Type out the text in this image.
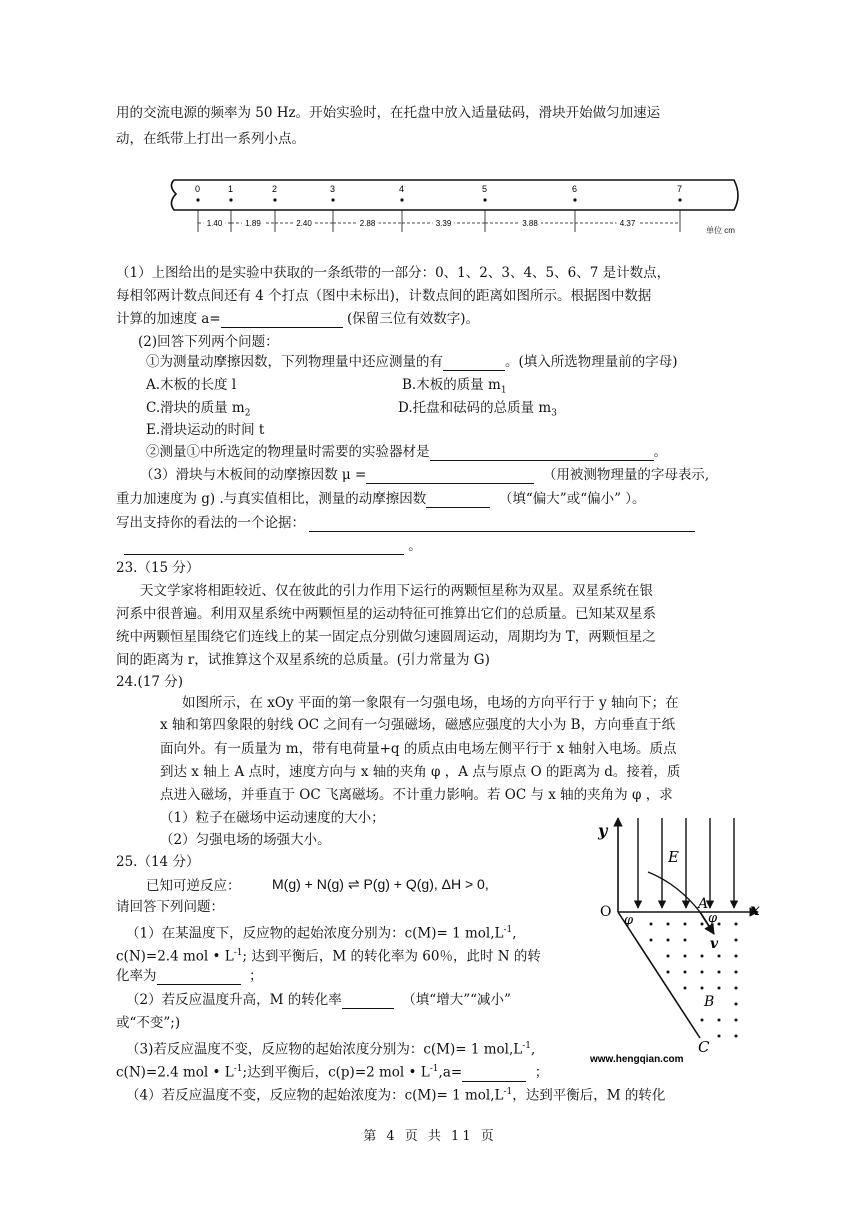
用的交流电源的频率为 50 Hz。开始实验时，在托盘中放入适量砝码，滑块开始做匀加速运
动，在纸带上打出一系列小点。
0	1	2	3	4	5	6	7
1.40	1.89	2.40	2.88	3.39	3.88	4.37
单位 cm
（1）上图给出的是实验中获取的一条纸带的一部分：0、1、2、3、4、5、6、7 是计数点，
每相邻两计数点间还有 4 个打点（图中未标出)，计数点间的距离如图所示。根据图中数据
计算的加速度 a=	(保留三位有效数字)。
(2)回答下列两个问题：
①为测量动摩擦因数，下列物理量中还应测量的有	。(填入所选物理量前的字母)
A.木板的长度 l	B.木板的质量 $m_1$
C.滑块的质量 $m_2$	D.托盘和砝码的总质量 $m_3$
E.滑块运动的时间 t
②测量①中所选定的物理量时需要的实验器材是	。
（3）滑块与木板间的动摩擦因数 μ =	（用被测物理量的字母表示,
重力加速度为 g) .与真实值相比，测量的动摩擦因数	（填“偏大”或“偏小” ）。
写出支持你的看法的一个论据：
。
23.（15 分）
天文学家将相距较近、仅在彼此的引力作用下运行的两颗恒星称为双星。双星系统在银
河系中很普遍。利用双星系统中两颗恒星的运动特征可推算出它们的总质量。已知某双星系
统中两颗恒星围绕它们连线上的某一固定点分别做匀速圆周运动，周期均为 T，两颗恒星之
间的距离为 r，试推算这个双星系统的总质量。(引力常量为 G)
24.(17 分)
如图所示，在 xOy 平面的第一象限有一匀强电场，电场的方向平行于 y 轴向下；在
x 轴和第四象限的射线 OC 之间有一匀强磁场，磁感应强度的大小为 B，方向垂直于纸
面向外。有一质量为 m，带有电荷量+q 的质点由电场左侧平行于 x 轴射入电场。质点
到达 x 轴上 A 点时，速度方向与 x 轴的夹角 φ ，A 点与原点 O 的距离为 d。接着，质
点进入磁场，并垂直于 OC 飞离磁场。不计重力影响。若 OC 与 x 轴的夹角为 φ ，求
（1）粒子在磁场中运动速度的大小；
（2）匀强电场的场强大小。
25.（14 分）
已知可逆反应： M(g) + N(g) ⇌ P(g) + Q(g), ΔH > 0,
请回答下列问题：
（1）在某温度下，反应物的起始浓度分别为：c(M)= 1 $mol,L^{-1}$,
c(N)=2.4 mol • $L^{-1}$; 达到平衡后，M 的转化率为 60％，此时 N 的转
化率为	；
（2）若反应温度升高，M 的转化率	（填“增大”“减小”
或“不变”;)
（3)若反应温度不变，反应物的起始浓度分别为：c(M)= 1 $mol,L^{-1}$,
c(N)=2.4 mol • $L^{-1}$;达到平衡后，c(p)=2 mol • $L^{-1},a=$	；
（4）若反应温度不变，反应物的起始浓度为：c(M)= 1 $mol,L^{-1}$，达到平衡后，M 的转化
y
x
E
A
O
φ	φ
v
B
C
www.hengqian.com
第 4 页 共 11 页
